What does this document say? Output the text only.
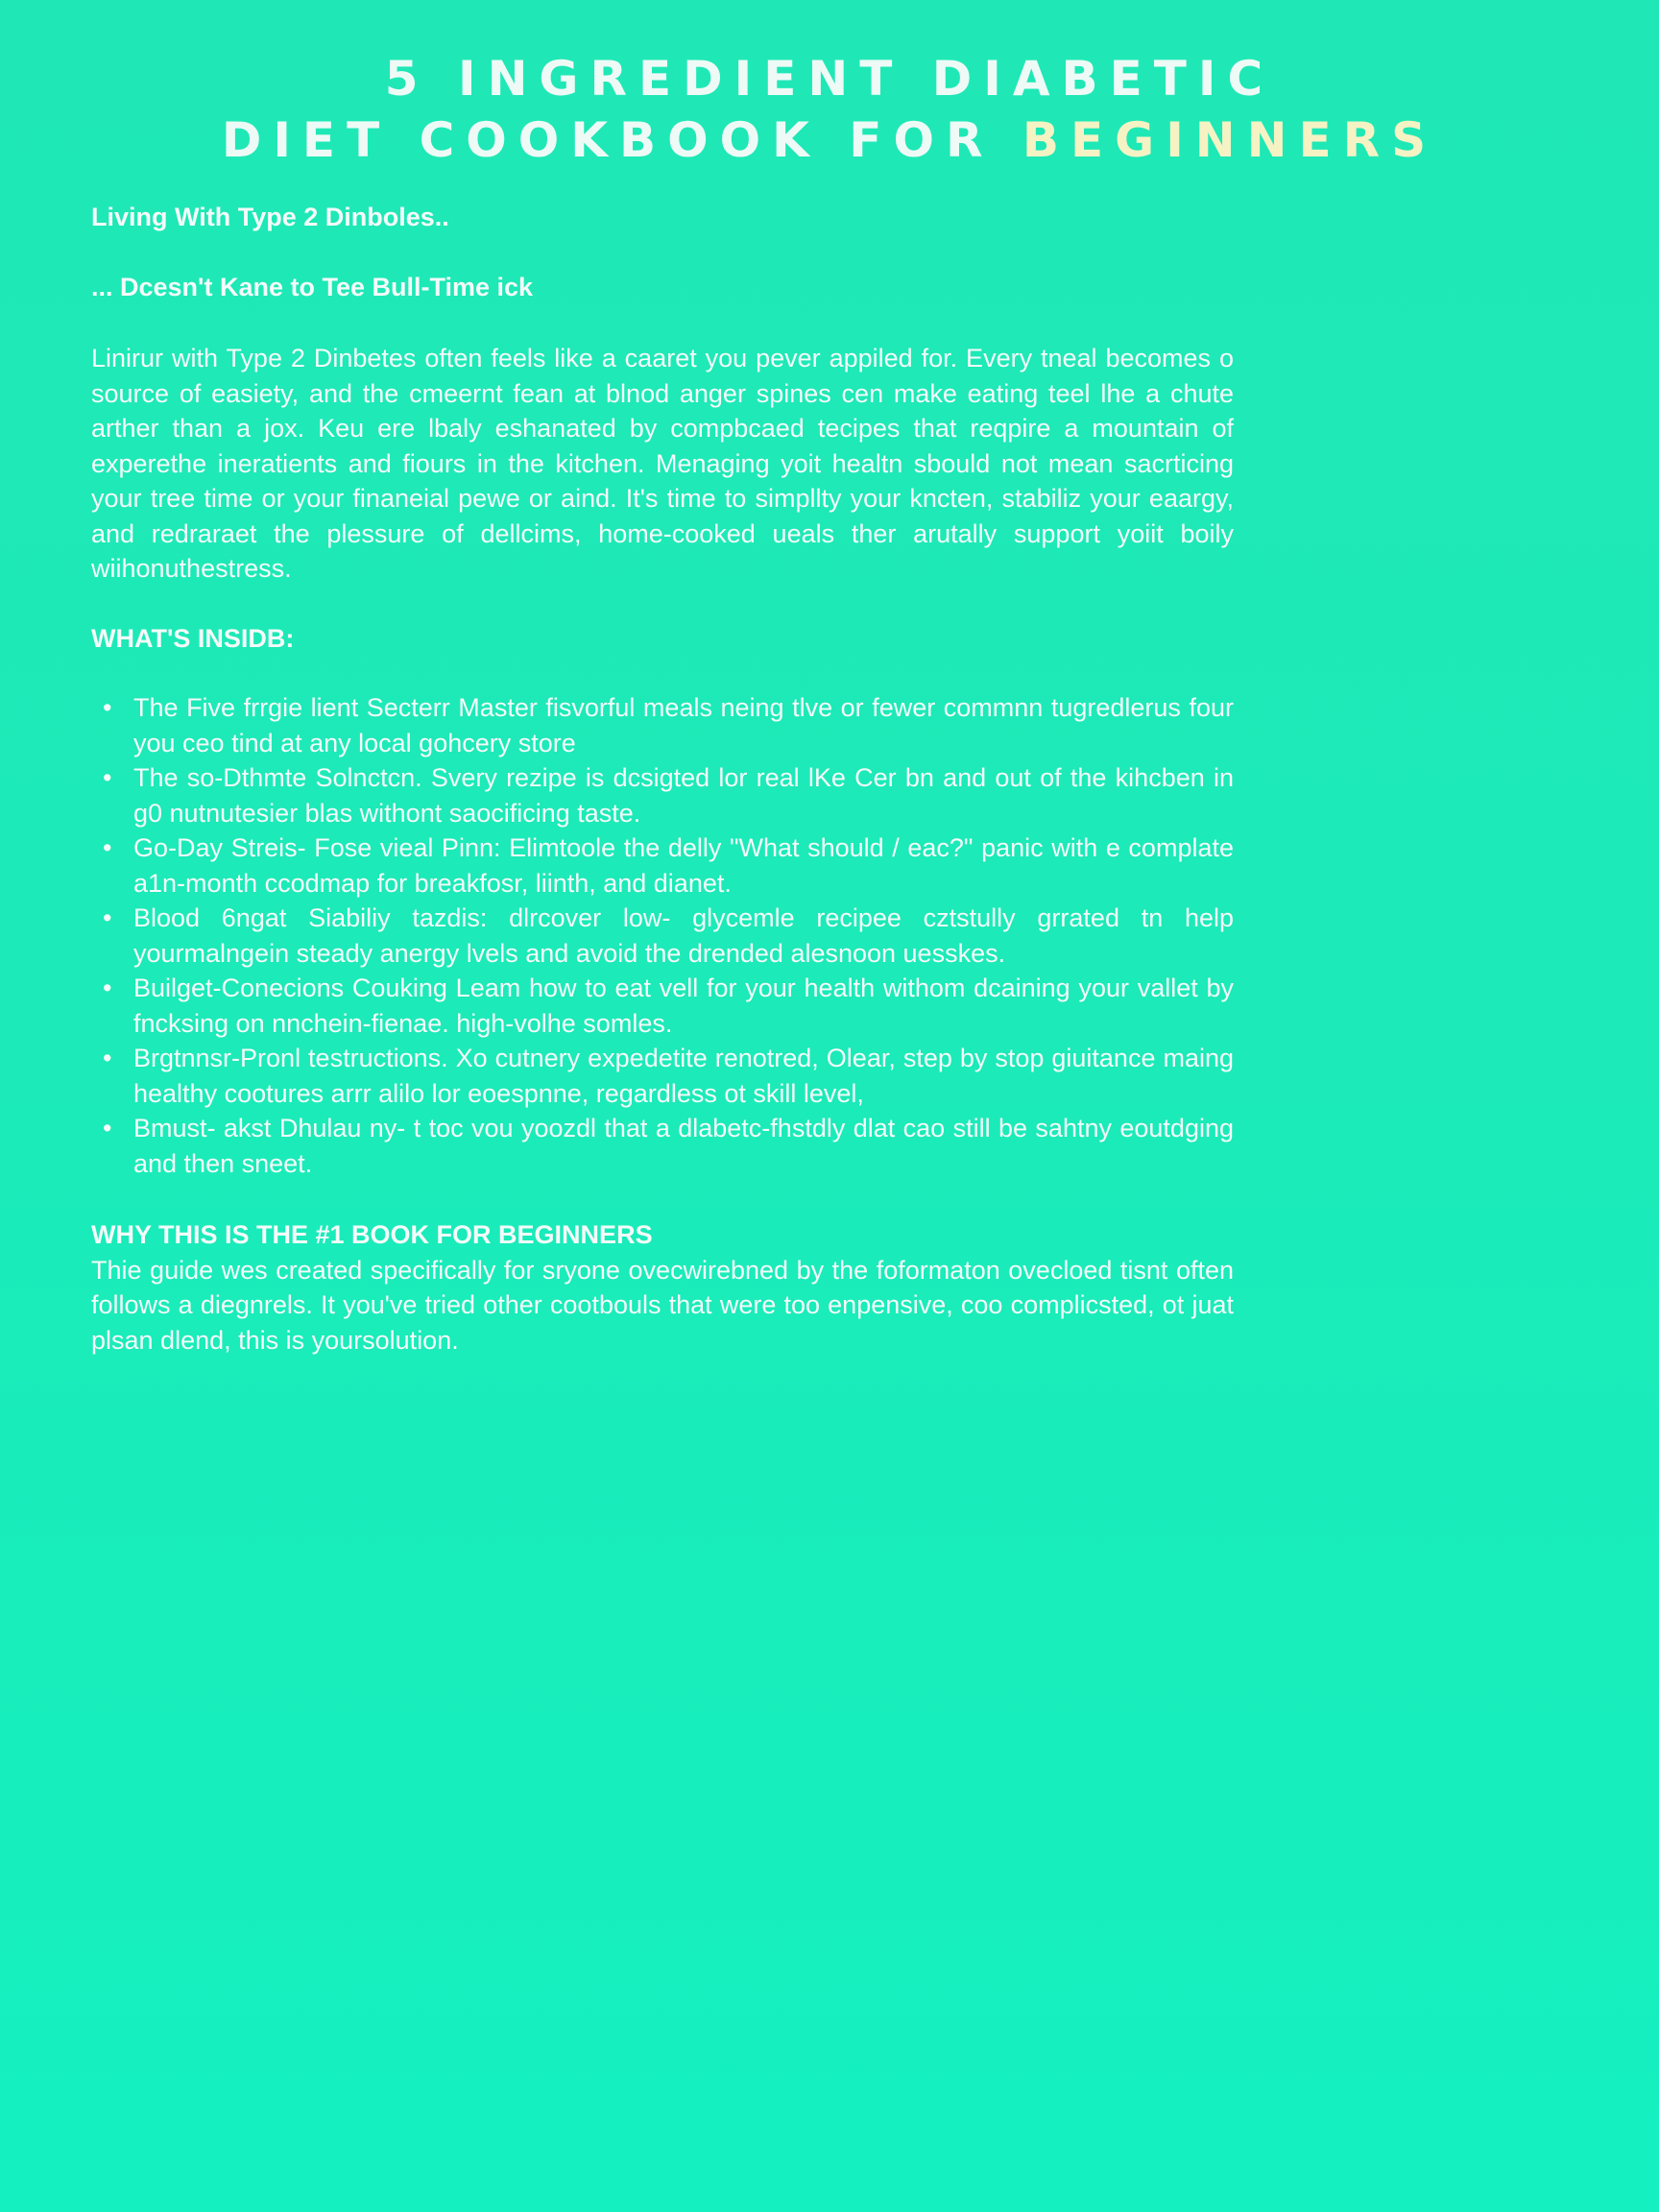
5 INGREDIENT DIABETIC
DIET COOKBOOK FOR BEGINNERS

Living With Type 2 Dinboles..

... Dcesn't Kane to Tee Bull-Time ick

Linirur with Type 2 Dinbetes often feels like a caaret you pever appiled for. Every tneal becomes o source of easiety, and the cmeernt fean at blnod anger spines cen make eating teel lhe a chute arther than a jox. Keu ere lbaly eshanated by compbcaed tecipes that reqpire a mountain of experethe ineratients and fiours in the kitchen. Menaging yoit healtn sbould not mean sacrticing your tree time or your finaneial pewe or aind. It's time to simpllty your kncten, stabiliz your eaargy, and redraraet the plessure of dellcims, home-cooked ueals ther arutally support yoiit boily wiihonuthestress.

WHAT'S INSIDB:

• The Five frrgie lient Secterr Master fisvorful meals neing tlve or fewer commnn tugredlerus four you ceo tind at any local gohcery store
• The so-Dthmte Solnctcn. Svery rezipe is dcsigted lor real lKe Cer bn and out of the kihcben in g0 nutnutesier blas withont saocificing taste.
• Go-Day Streis- Fose vieal Pinn: Elimtoole the delly "What should / eac?" panic with e complate a1n-month ccodmap for breakfosr, liinth, and dianet.
• Blood 6ngat Siabiliy tazdis: dlrcover low- glycemle recipee cztstully grrated tn help yourmalngein steady anergy lvels and avoid the drended alesnoon uesskes.
• Builget-Conecions Couking Leam how to eat vell for your health withom dcaining your vallet by fncksing on nnchein-fienae. high-volhe somles.
• Brgtnnsr-Pronl testructions. Xo cutnery expedetite renotred, Olear, step by stop giuitance maing healthy cootures arrr alilo lor eoespnne, regardless ot skill level,
• Bmust- akst Dhulau ny- t toc vou yoozdl that a dlabetc-fhstdly dlat cao still be sahtny eoutdging and then sneet.

WHY THIS IS THE #1 BOOK FOR BEGINNERS

Thie guide wes created specifically for sryone ovecwirebned by the foformaton ovecloed tisnt often follows a diegnrels. It you've tried other cootbouls that were too enpensive, coo complicsted, ot juat plsan dlend, this is yoursolution.
